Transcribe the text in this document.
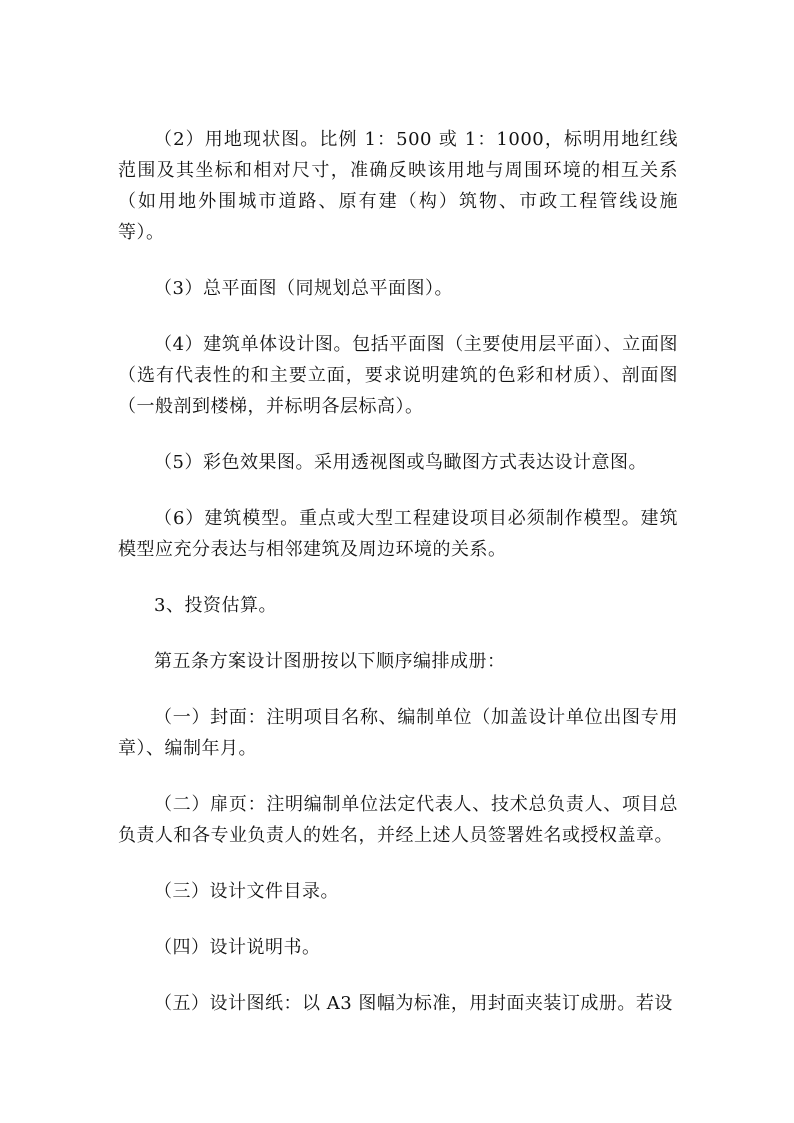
（2）用地现状图。比例 1：500 或 1：1000，标明用地红线范围及其坐标和相对尺寸，准确反映该用地与周围环境的相互关系（如用地外围城市道路、原有建（构）筑物、市政工程管线设施等）。

（3）总平面图（同规划总平面图）。

（4）建筑单体设计图。包括平面图（主要使用层平面）、立面图（选有代表性的和主要立面，要求说明建筑的色彩和材质）、剖面图（一般剖到楼梯，并标明各层标高）。

（5）彩色效果图。采用透视图或鸟瞰图方式表达设计意图。

（6）建筑模型。重点或大型工程建设项目必须制作模型。建筑模型应充分表达与相邻建筑及周边环境的关系。

3、投资估算。

第五条方案设计图册按以下顺序编排成册：

（一）封面：注明项目名称、编制单位（加盖设计单位出图专用章）、编制年月。

（二）扉页：注明编制单位法定代表人、技术总负责人、项目总负责人和各专业负责人的姓名，并经上述人员签署姓名或授权盖章。

（三）设计文件目录。

（四）设计说明书。

（五）设计图纸：以 A3 图幅为标准，用封面夹装订成册。若设
